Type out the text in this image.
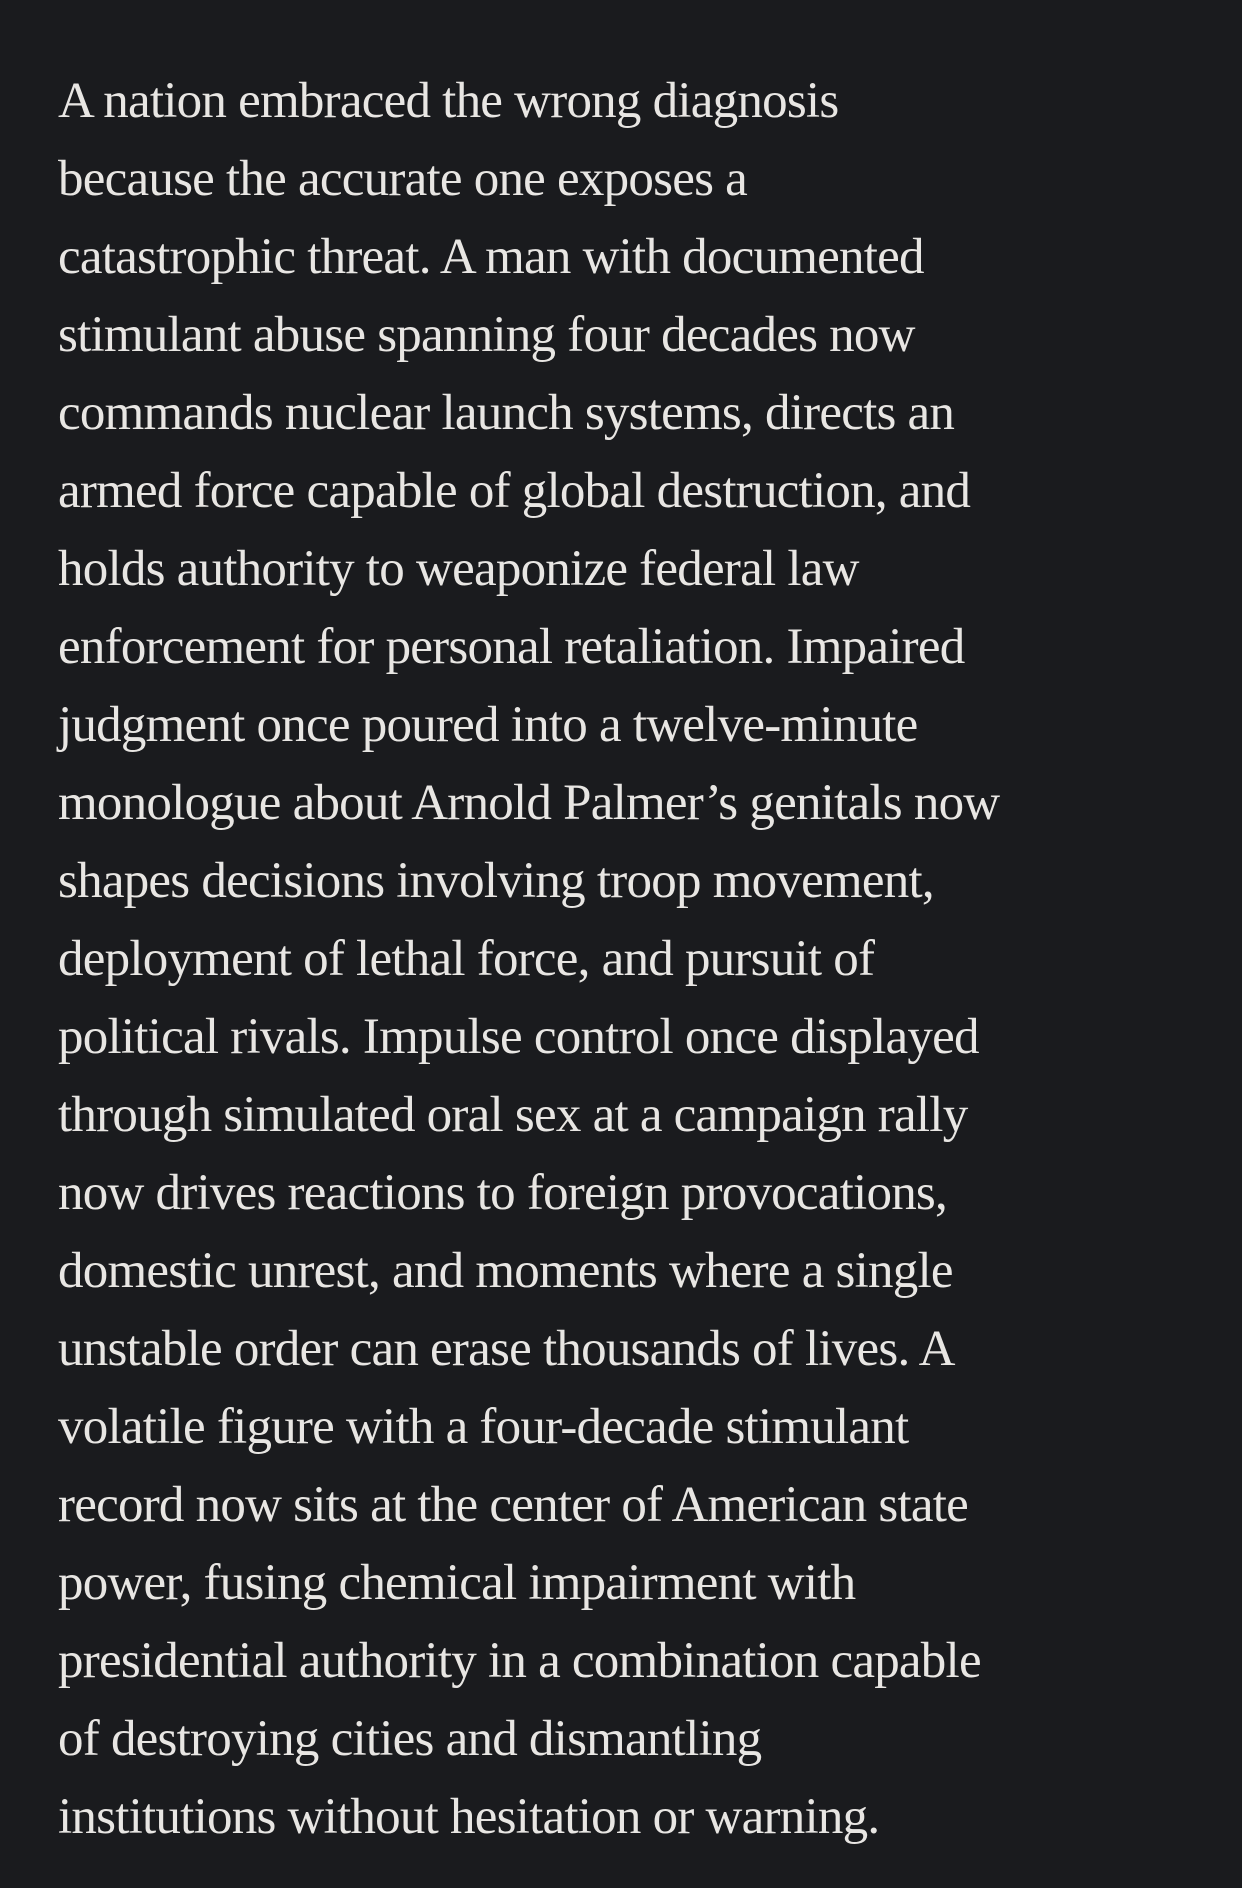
A nation embraced the wrong diagnosis
because the accurate one exposes a
catastrophic threat. A man with documented
stimulant abuse spanning four decades now
commands nuclear launch systems, directs an
armed force capable of global destruction, and
holds authority to weaponize federal law
enforcement for personal retaliation. Impaired
judgment once poured into a twelve-minute
monologue about Arnold Palmer’s genitals now
shapes decisions involving troop movement,
deployment of lethal force, and pursuit of
political rivals. Impulse control once displayed
through simulated oral sex at a campaign rally
now drives reactions to foreign provocations,
domestic unrest, and moments where a single
unstable order can erase thousands of lives. A
volatile figure with a four-decade stimulant
record now sits at the center of American state
power, fusing chemical impairment with
presidential authority in a combination capable
of destroying cities and dismantling
institutions without hesitation or warning.
